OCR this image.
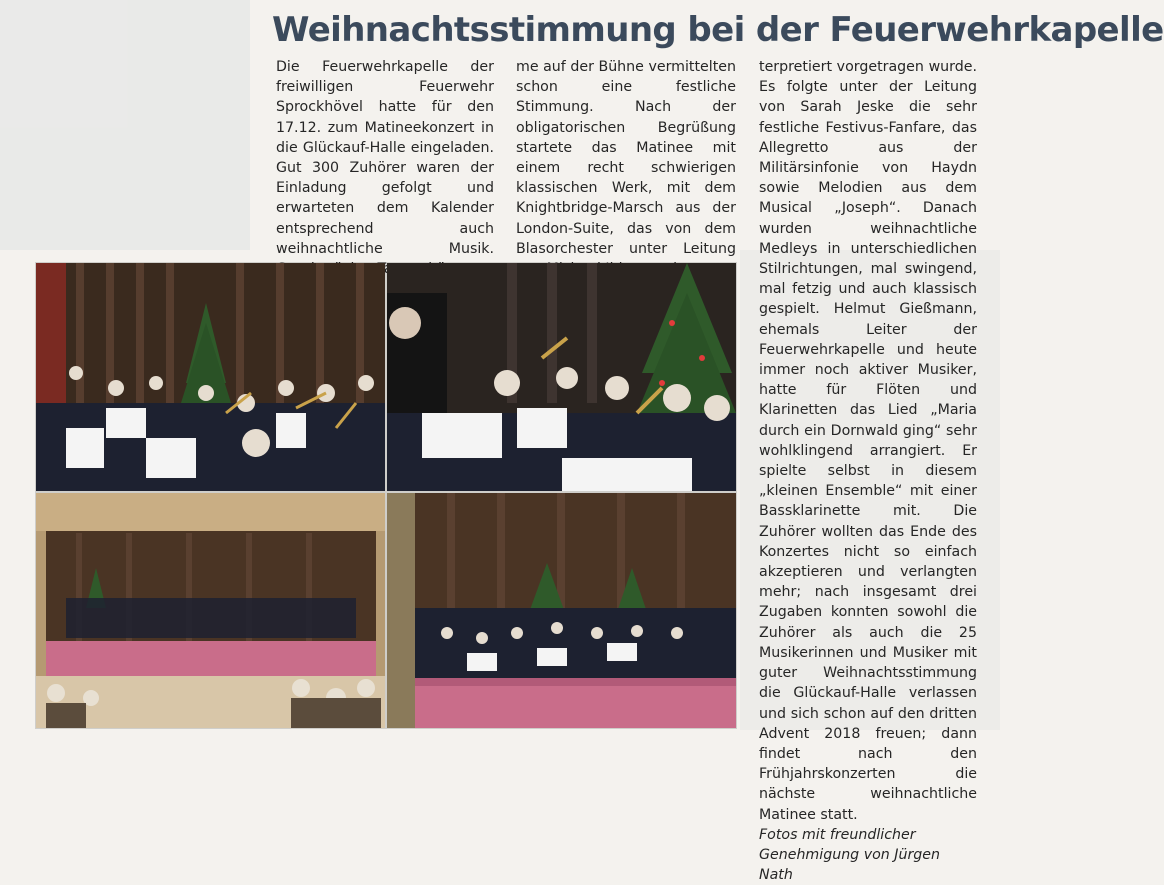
Weihnachtsstimmung bei der Feuerwehrkapelle

Die Feuerwehrkapelle der freiwilligen Feuerwehr Sprockhövel hatte für den 17.12. zum Matineekonzert in die Glückauf-Halle eingeladen. Gut 300 Zuhörer waren der Einladung gefolgt und erwarteten dem Kalender entsprechend auch weihnachtliche Musik.

me auf der Bühne vermittelten schon eine festliche Stimmung. Nach der obligatorischen Begrüßung startete das Matinee mit einem recht schwierigen klassischen Werk, mit dem Knightbridge-Marsch aus der London-Suite, das von dem Blasorchester unter Leitung

terpretiert vorgetragen wurde. Es folgte unter der Leitung von Sarah Jeske die sehr festliche Festivus-Fanfare, das Allegretto aus der Militärsinfonie von Haydn sowie Melodien aus dem Musical „Joseph“. Danach wurden weihnachtliche Medleys in unterschiedlichen Stilrichtungen, mal swingend, mal fetzig und auch klassisch gespielt. Helmut Gießmann, ehemals Leiter der Feuerwehrkapelle und heute immer noch aktiver Musiker, hatte für Flöten und Klarinetten das Lied „Maria durch ein Dornwald ging“ sehr wohlklingend arrangiert. Er spielte selbst in diesem „kleinen Ensemble“ mit einer Bassklarinette mit. Die Zuhörer wollten das Ende des Konzertes nicht so einfach akzeptieren und verlangten mehr; nach insgesamt drei Zugaben konnten sowohl die Zuhörer als auch die 25 Musikerinnen und Musiker mit guter Weihnachtsstimmung die Glückauf-Halle verlassen und sich schon auf den dritten Advent 2018 freuen; dann findet nach den Frühjahrskonzerten die nächste weihnachtliche Matinee statt.

Fotos mit freundlicher Genehmigung von Jürgen Nath
